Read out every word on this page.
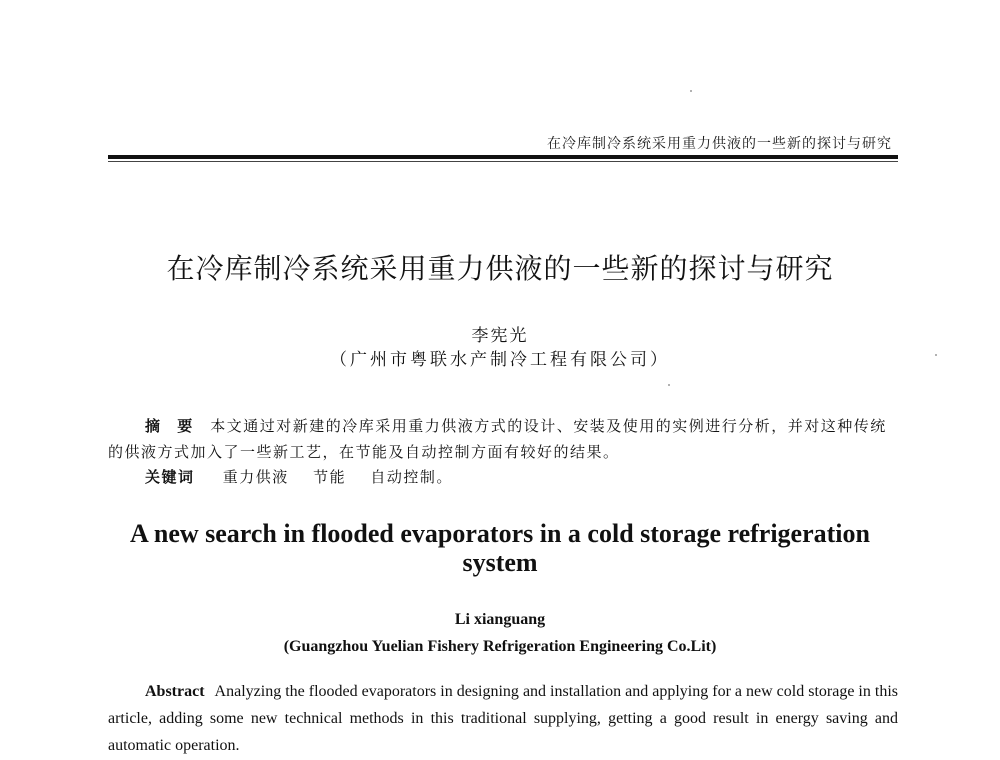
在冷库制冷系统采用重力供液的一些新的探讨与研究
在冷库制冷系统采用重力供液的一些新的探讨与研究
李宪光
（广州市粤联水产制冷工程有限公司）
摘 要 本文通过对新建的冷库采用重力供液方式的设计、安装及使用的实例进行分析，并对这种传统的供液方式加入了一些新工艺，在节能及自动控制方面有较好的结果。
关键词 重力供液 节能 自动控制。
A new search in flooded evaporators in a cold storage refrigeration system
Li xianguang
(Guangzhou Yuelian Fishery Refrigeration Engineering Co.Lit)
Abstract Analyzing the flooded evaporators in designing and installation and applying for a new cold storage in this article, adding some new technical methods in this traditional supplying, getting a good result in energy saving and automatic operation.
